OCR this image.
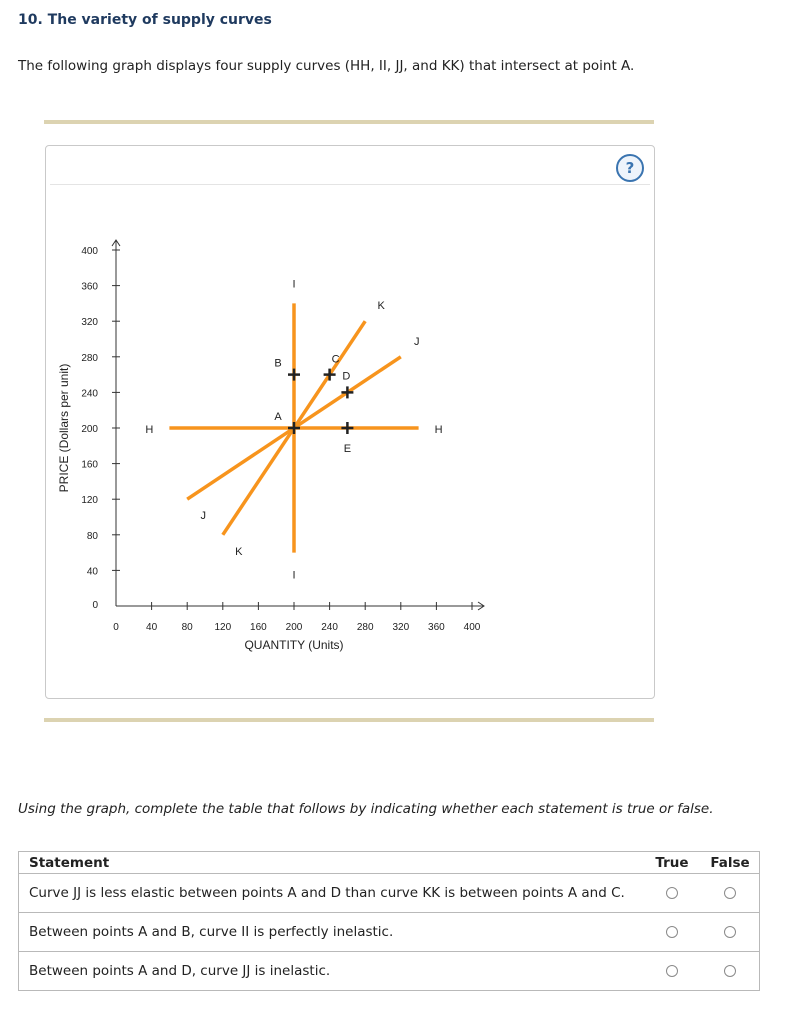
10. The variety of supply curves
The following graph displays four supply curves (HH, II, JJ, and KK) that intersect at point A.
?
0	40 80 120 160 200 240 280 320 360 400
0
40
80
120
160
200
240
280
320
360
400
QUANTITY (Units)
PRICE (Dollars per unit)	H	H
I
I
J
J
K
K
A
B	C
D
E
Using the graph, complete the table that follows by indicating whether each statement is true or false.
Statement	True	False
Curve JJ is less elastic between points A and D than curve KK is between points A and C.		
Between points A and B, curve II is perfectly inelastic.		
Between points A and D, curve JJ is inelastic.		
